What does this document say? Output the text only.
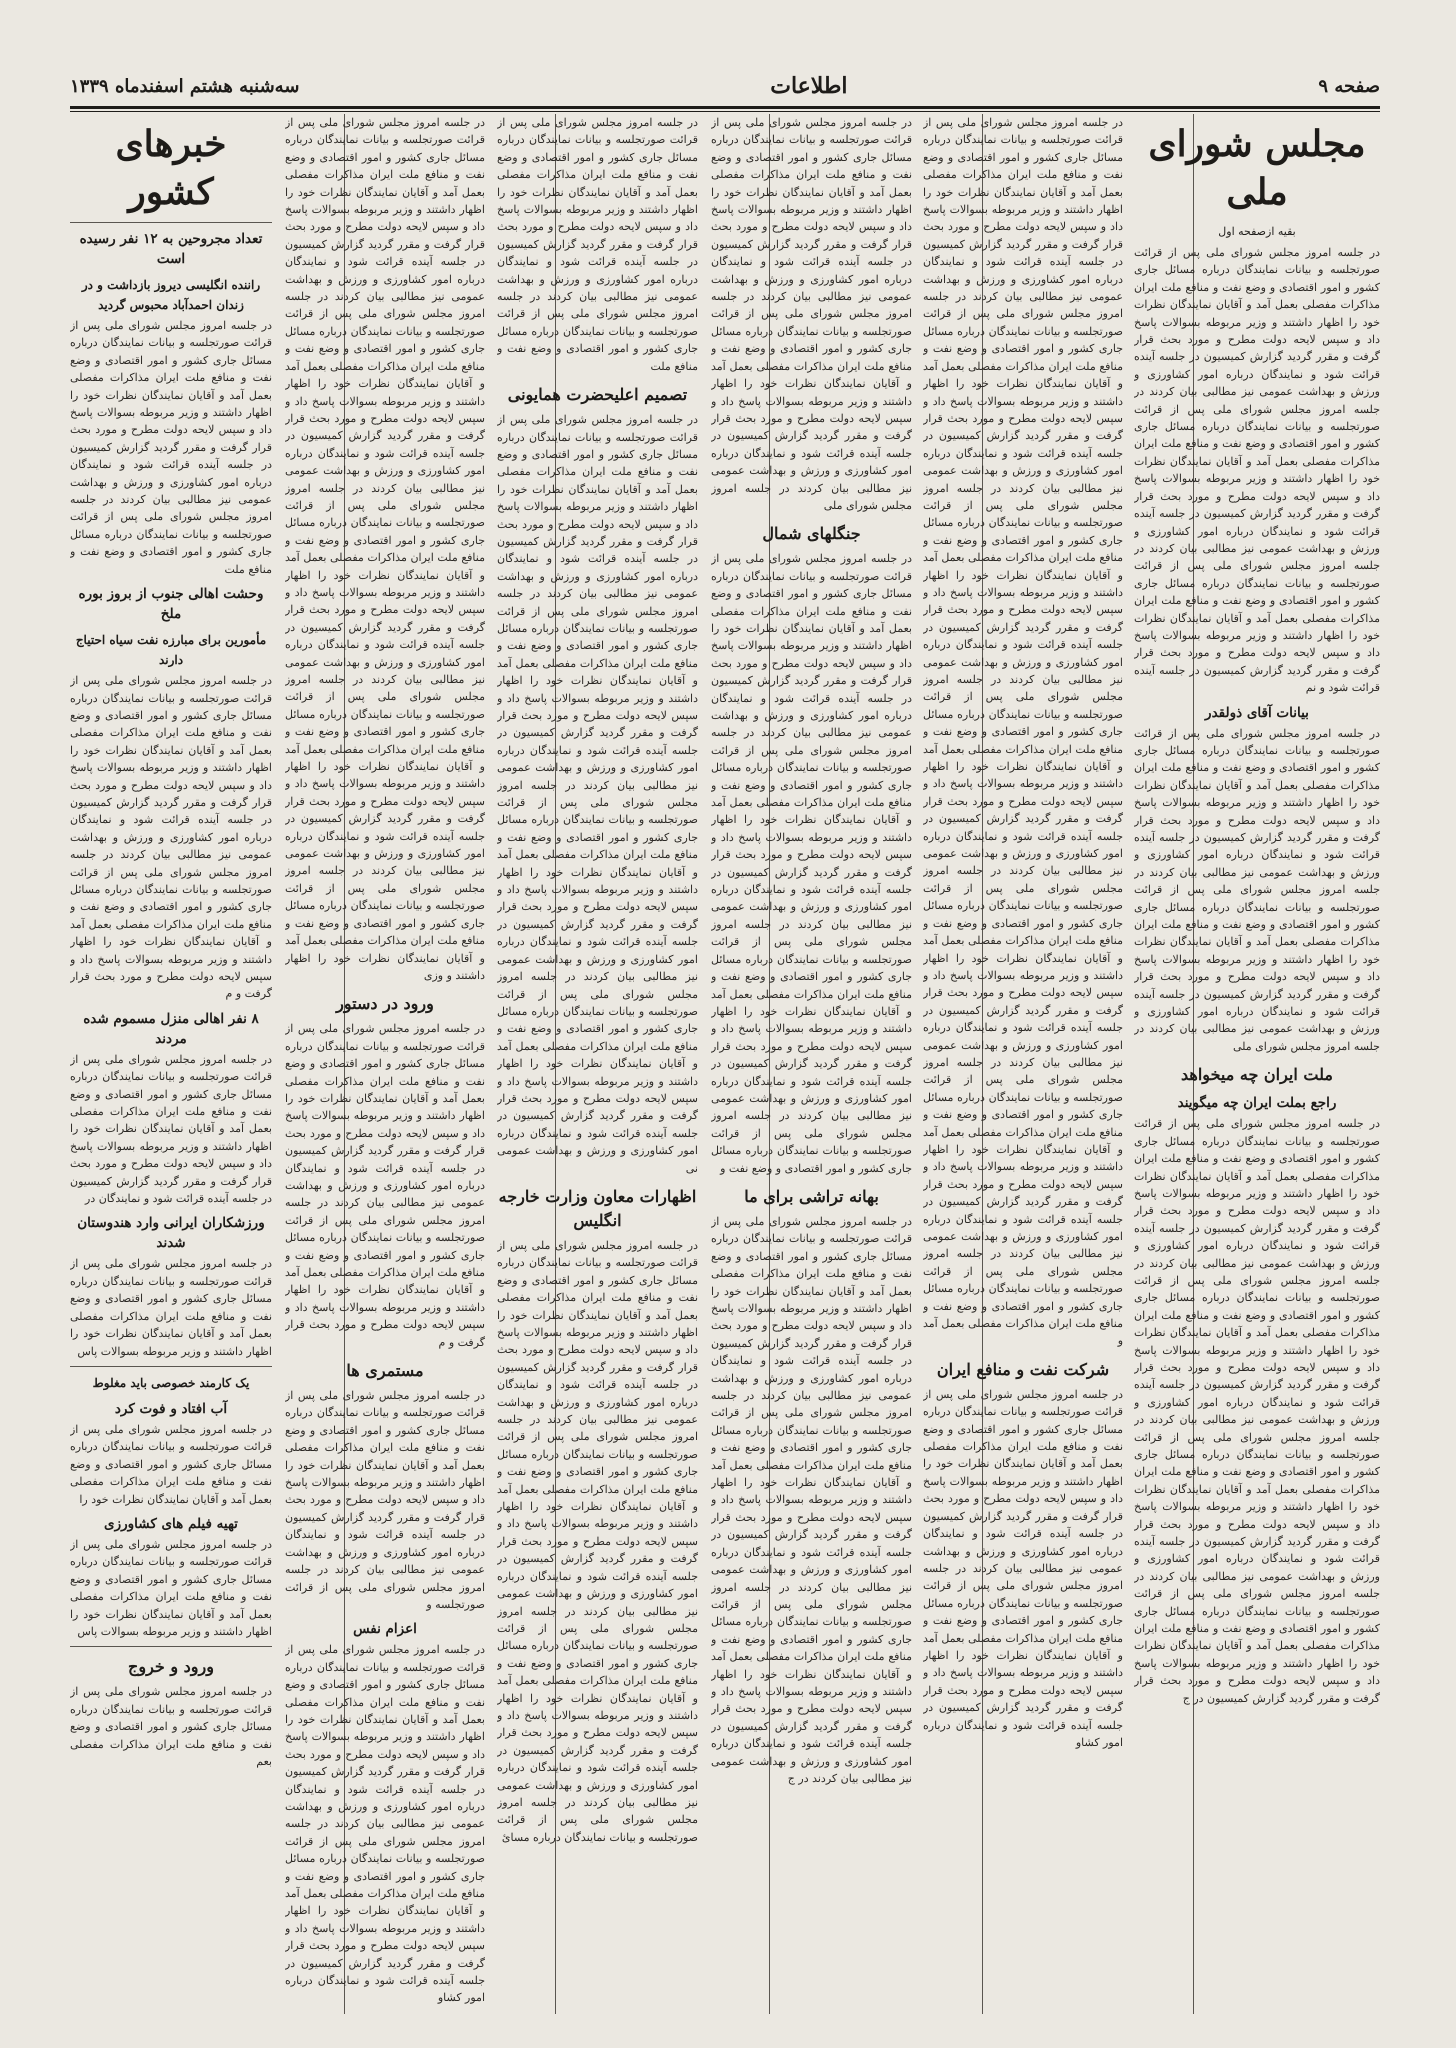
صفحه ۹
اطلاعات
سه‌شنبه هشتم اسفندماه ۱۳۳۹
مجلس شورای ملی
بقیه ازصفحه اول

در جلسه امروز مجلس شورای ملی پس از قرائت صورتجلسه و بیانات نمایندگان درباره مسائل جاری کشور و امور اقتصادی و وضع نفت و منافع ملت ایران مذاکرات مفصلی بعمل آمد و آقایان نمایندگان نظرات خود را اظهار داشتند و وزیر مربوطه بسوالات پاسخ داد و سپس لایحه دولت مطرح و مورد بحث قرار گرفت و مقرر گردید گزارش کمیسیون در جلسه آینده قرائت شود و نمایندگان درباره امور کشاورزی و ورزش و بهداشت عمومی نیز مطالبی بیان کردند در جلسه امروز مجلس شورای ملی پس از قرائت صورتجلسه و بیانات نمایندگان درباره مسائل جاری کشور و امور اقتصادی و وضع نفت و منافع ملت ایران مذاکرات مفصلی بعمل آمد و آقایان نمایندگان نظرات خود را اظهار داشتند و وزیر مربوطه بسوالات پاسخ داد و سپس لایحه دولت مطرح و مورد بحث قرار گرفت و مقرر گردید گزارش کمیسیون در جلسه آینده قرائت شود و نمایندگان درباره امور کشاورزی و ورزش و بهداشت عمومی نیز مطالبی بیان کردند در جلسه امروز مجلس شورای ملی پس از قرائت صورتجلسه و بیانات نمایندگان درباره مسائل جاری کشور و امور اقتصادی و وضع نفت و منافع ملت ایران مذاکرات مفصلی بعمل آمد و آقایان نمایندگان نظرات خود را اظهار داشتند و وزیر مربوطه بسوالات پاسخ داد و سپس لایحه دولت مطرح و مورد بحث قرار گرفت و مقرر گردید گزارش کمیسیون در جلسه آینده قرائت شود و نم

بیانات آقای ذولقدر

در جلسه امروز مجلس شورای ملی پس از قرائت صورتجلسه و بیانات نمایندگان درباره مسائل جاری کشور و امور اقتصادی و وضع نفت و منافع ملت ایران مذاکرات مفصلی بعمل آمد و آقایان نمایندگان نظرات خود را اظهار داشتند و وزیر مربوطه بسوالات پاسخ داد و سپس لایحه دولت مطرح و مورد بحث قرار گرفت و مقرر گردید گزارش کمیسیون در جلسه آینده قرائت شود و نمایندگان درباره امور کشاورزی و ورزش و بهداشت عمومی نیز مطالبی بیان کردند در جلسه امروز مجلس شورای ملی پس از قرائت صورتجلسه و بیانات نمایندگان درباره مسائل جاری کشور و امور اقتصادی و وضع نفت و منافع ملت ایران مذاکرات مفصلی بعمل آمد و آقایان نمایندگان نظرات خود را اظهار داشتند و وزیر مربوطه بسوالات پاسخ داد و سپس لایحه دولت مطرح و مورد بحث قرار گرفت و مقرر گردید گزارش کمیسیون در جلسه آینده قرائت شود و نمایندگان درباره امور کشاورزی و ورزش و بهداشت عمومی نیز مطالبی بیان کردند در جلسه امروز مجلس شورای ملی

ملت ایران چه میخواهد
راجع بملت ایران چه میگویند

در جلسه امروز مجلس شورای ملی پس از قرائت صورتجلسه و بیانات نمایندگان درباره مسائل جاری کشور و امور اقتصادی و وضع نفت و منافع ملت ایران مذاکرات مفصلی بعمل آمد و آقایان نمایندگان نظرات خود را اظهار داشتند و وزیر مربوطه بسوالات پاسخ داد و سپس لایحه دولت مطرح و مورد بحث قرار گرفت و مقرر گردید گزارش کمیسیون در جلسه آینده قرائت شود و نمایندگان درباره امور کشاورزی و ورزش و بهداشت عمومی نیز مطالبی بیان کردند در جلسه امروز مجلس شورای ملی پس از قرائت صورتجلسه و بیانات نمایندگان درباره مسائل جاری کشور و امور اقتصادی و وضع نفت و منافع ملت ایران مذاکرات مفصلی بعمل آمد و آقایان نمایندگان نظرات خود را اظهار داشتند و وزیر مربوطه بسوالات پاسخ داد و سپس لایحه دولت مطرح و مورد بحث قرار گرفت و مقرر گردید گزارش کمیسیون در جلسه آینده قرائت شود و نمایندگان درباره امور کشاورزی و ورزش و بهداشت عمومی نیز مطالبی بیان کردند در جلسه امروز مجلس شورای ملی پس از قرائت صورتجلسه و بیانات نمایندگان درباره مسائل جاری کشور و امور اقتصادی و وضع نفت و منافع ملت ایران مذاکرات مفصلی بعمل آمد و آقایان نمایندگان نظرات خود را اظهار داشتند و وزیر مربوطه بسوالات پاسخ داد و سپس لایحه دولت مطرح و مورد بحث قرار گرفت و مقرر گردید گزارش کمیسیون در جلسه آینده قرائت شود و نمایندگان درباره امور کشاورزی و ورزش و بهداشت عمومی نیز مطالبی بیان کردند در جلسه امروز مجلس شورای ملی پس از قرائت صورتجلسه و بیانات نمایندگان درباره مسائل جاری کشور و امور اقتصادی و وضع نفت و منافع ملت ایران مذاکرات مفصلی بعمل آمد و آقایان نمایندگان نظرات خود را اظهار داشتند و وزیر مربوطه بسوالات پاسخ داد و سپس لایحه دولت مطرح و مورد بحث قرار گرفت و مقرر گردید گزارش کمیسیون در ج

در جلسه امروز مجلس شورای ملی پس از قرائت صورتجلسه و بیانات نمایندگان درباره مسائل جاری کشور و امور اقتصادی و وضع نفت و منافع ملت ایران مذاکرات مفصلی بعمل آمد و آقایان نمایندگان نظرات خود را اظهار داشتند و وزیر مربوطه بسوالات پاسخ داد و سپس لایحه دولت مطرح و مورد بحث قرار گرفت و مقرر گردید گزارش کمیسیون در جلسه آینده قرائت شود و نمایندگان درباره امور کشاورزی و ورزش و بهداشت عمومی نیز مطالبی بیان کردند در جلسه امروز مجلس شورای ملی پس از قرائت صورتجلسه و بیانات نمایندگان درباره مسائل جاری کشور و امور اقتصادی و وضع نفت و منافع ملت ایران مذاکرات مفصلی بعمل آمد و آقایان نمایندگان نظرات خود را اظهار داشتند و وزیر مربوطه بسوالات پاسخ داد و سپس لایحه دولت مطرح و مورد بحث قرار گرفت و مقرر گردید گزارش کمیسیون در جلسه آینده قرائت شود و نمایندگان درباره امور کشاورزی و ورزش و بهداشت عمومی نیز مطالبی بیان کردند در جلسه امروز مجلس شورای ملی پس از قرائت صورتجلسه و بیانات نمایندگان درباره مسائل جاری کشور و امور اقتصادی و وضع نفت و منافع ملت ایران مذاکرات مفصلی بعمل آمد و آقایان نمایندگان نظرات خود را اظهار داشتند و وزیر مربوطه بسوالات پاسخ داد و سپس لایحه دولت مطرح و مورد بحث قرار گرفت و مقرر گردید گزارش کمیسیون در جلسه آینده قرائت شود و نمایندگان درباره امور کشاورزی و ورزش و بهداشت عمومی نیز مطالبی بیان کردند در جلسه امروز مجلس شورای ملی پس از قرائت صورتجلسه و بیانات نمایندگان درباره مسائل جاری کشور و امور اقتصادی و وضع نفت و منافع ملت ایران مذاکرات مفصلی بعمل آمد و آقایان نمایندگان نظرات خود را اظهار داشتند و وزیر مربوطه بسوالات پاسخ داد و سپس لایحه دولت مطرح و مورد بحث قرار گرفت و مقرر گردید گزارش کمیسیون در جلسه آینده قرائت شود و نمایندگان درباره امور کشاورزی و ورزش و بهداشت عمومی نیز مطالبی بیان کردند در جلسه امروز مجلس شورای ملی پس از قرائت صورتجلسه و بیانات نمایندگان درباره مسائل جاری کشور و امور اقتصادی و وضع نفت و منافع ملت ایران مذاکرات مفصلی بعمل آمد و آقایان نمایندگان نظرات خود را اظهار داشتند و وزیر مربوطه بسوالات پاسخ داد و سپس لایحه دولت مطرح و مورد بحث قرار گرفت و مقرر گردید گزارش کمیسیون در جلسه آینده قرائت شود و نمایندگان درباره امور کشاورزی و ورزش و بهداشت عمومی نیز مطالبی بیان کردند در جلسه امروز مجلس شورای ملی پس از قرائت صورتجلسه و بیانات نمایندگان درباره مسائل جاری کشور و امور اقتصادی و وضع نفت و منافع ملت ایران مذاکرات مفصلی بعمل آمد و آقایان نمایندگان نظرات خود را اظهار داشتند و وزیر مربوطه بسوالات پاسخ داد و سپس لایحه دولت مطرح و مورد بحث قرار گرفت و مقرر گردید گزارش کمیسیون در جلسه آینده قرائت شود و نمایندگان درباره امور کشاورزی و ورزش و بهداشت عمومی نیز مطالبی بیان کردند در جلسه امروز مجلس شورای ملی پس از قرائت صورتجلسه و بیانات نمایندگان درباره مسائل جاری کشور و امور اقتصادی و وضع نفت و منافع ملت ایران مذاکرات مفصلی بعمل آمد و

شرکت نفت و منافع ایران

در جلسه امروز مجلس شورای ملی پس از قرائت صورتجلسه و بیانات نمایندگان درباره مسائل جاری کشور و امور اقتصادی و وضع نفت و منافع ملت ایران مذاکرات مفصلی بعمل آمد و آقایان نمایندگان نظرات خود را اظهار داشتند و وزیر مربوطه بسوالات پاسخ داد و سپس لایحه دولت مطرح و مورد بحث قرار گرفت و مقرر گردید گزارش کمیسیون در جلسه آینده قرائت شود و نمایندگان درباره امور کشاورزی و ورزش و بهداشت عمومی نیز مطالبی بیان کردند در جلسه امروز مجلس شورای ملی پس از قرائت صورتجلسه و بیانات نمایندگان درباره مسائل جاری کشور و امور اقتصادی و وضع نفت و منافع ملت ایران مذاکرات مفصلی بعمل آمد و آقایان نمایندگان نظرات خود را اظهار داشتند و وزیر مربوطه بسوالات پاسخ داد و سپس لایحه دولت مطرح و مورد بحث قرار گرفت و مقرر گردید گزارش کمیسیون در جلسه آینده قرائت شود و نمایندگان درباره امور کشاو

در جلسه امروز مجلس شورای ملی پس از قرائت صورتجلسه و بیانات نمایندگان درباره مسائل جاری کشور و امور اقتصادی و وضع نفت و منافع ملت ایران مذاکرات مفصلی بعمل آمد و آقایان نمایندگان نظرات خود را اظهار داشتند و وزیر مربوطه بسوالات پاسخ داد و سپس لایحه دولت مطرح و مورد بحث قرار گرفت و مقرر گردید گزارش کمیسیون در جلسه آینده قرائت شود و نمایندگان درباره امور کشاورزی و ورزش و بهداشت عمومی نیز مطالبی بیان کردند در جلسه امروز مجلس شورای ملی پس از قرائت صورتجلسه و بیانات نمایندگان درباره مسائل جاری کشور و امور اقتصادی و وضع نفت و منافع ملت ایران مذاکرات مفصلی بعمل آمد و آقایان نمایندگان نظرات خود را اظهار داشتند و وزیر مربوطه بسوالات پاسخ داد و سپس لایحه دولت مطرح و مورد بحث قرار گرفت و مقرر گردید گزارش کمیسیون در جلسه آینده قرائت شود و نمایندگان درباره امور کشاورزی و ورزش و بهداشت عمومی نیز مطالبی بیان کردند در جلسه امروز مجلس شورای ملی

جنگلهای شمال

در جلسه امروز مجلس شورای ملی پس از قرائت صورتجلسه و بیانات نمایندگان درباره مسائل جاری کشور و امور اقتصادی و وضع نفت و منافع ملت ایران مذاکرات مفصلی بعمل آمد و آقایان نمایندگان نظرات خود را اظهار داشتند و وزیر مربوطه بسوالات پاسخ داد و سپس لایحه دولت مطرح و مورد بحث قرار گرفت و مقرر گردید گزارش کمیسیون در جلسه آینده قرائت شود و نمایندگان درباره امور کشاورزی و ورزش و بهداشت عمومی نیز مطالبی بیان کردند در جلسه امروز مجلس شورای ملی پس از قرائت صورتجلسه و بیانات نمایندگان درباره مسائل جاری کشور و امور اقتصادی و وضع نفت و منافع ملت ایران مذاکرات مفصلی بعمل آمد و آقایان نمایندگان نظرات خود را اظهار داشتند و وزیر مربوطه بسوالات پاسخ داد و سپس لایحه دولت مطرح و مورد بحث قرار گرفت و مقرر گردید گزارش کمیسیون در جلسه آینده قرائت شود و نمایندگان درباره امور کشاورزی و ورزش و بهداشت عمومی نیز مطالبی بیان کردند در جلسه امروز مجلس شورای ملی پس از قرائت صورتجلسه و بیانات نمایندگان درباره مسائل جاری کشور و امور اقتصادی و وضع نفت و منافع ملت ایران مذاکرات مفصلی بعمل آمد و آقایان نمایندگان نظرات خود را اظهار داشتند و وزیر مربوطه بسوالات پاسخ داد و سپس لایحه دولت مطرح و مورد بحث قرار گرفت و مقرر گردید گزارش کمیسیون در جلسه آینده قرائت شود و نمایندگان درباره امور کشاورزی و ورزش و بهداشت عمومی نیز مطالبی بیان کردند در جلسه امروز مجلس شورای ملی پس از قرائت صورتجلسه و بیانات نمایندگان درباره مسائل جاری کشور و امور اقتصادی و وضع نفت و

بهانه تراشی برای ما

در جلسه امروز مجلس شورای ملی پس از قرائت صورتجلسه و بیانات نمایندگان درباره مسائل جاری کشور و امور اقتصادی و وضع نفت و منافع ملت ایران مذاکرات مفصلی بعمل آمد و آقایان نمایندگان نظرات خود را اظهار داشتند و وزیر مربوطه بسوالات پاسخ داد و سپس لایحه دولت مطرح و مورد بحث قرار گرفت و مقرر گردید گزارش کمیسیون در جلسه آینده قرائت شود و نمایندگان درباره امور کشاورزی و ورزش و بهداشت عمومی نیز مطالبی بیان کردند در جلسه امروز مجلس شورای ملی پس از قرائت صورتجلسه و بیانات نمایندگان درباره مسائل جاری کشور و امور اقتصادی و وضع نفت و منافع ملت ایران مذاکرات مفصلی بعمل آمد و آقایان نمایندگان نظرات خود را اظهار داشتند و وزیر مربوطه بسوالات پاسخ داد و سپس لایحه دولت مطرح و مورد بحث قرار گرفت و مقرر گردید گزارش کمیسیون در جلسه آینده قرائت شود و نمایندگان درباره امور کشاورزی و ورزش و بهداشت عمومی نیز مطالبی بیان کردند در جلسه امروز مجلس شورای ملی پس از قرائت صورتجلسه و بیانات نمایندگان درباره مسائل جاری کشور و امور اقتصادی و وضع نفت و منافع ملت ایران مذاکرات مفصلی بعمل آمد و آقایان نمایندگان نظرات خود را اظهار داشتند و وزیر مربوطه بسوالات پاسخ داد و سپس لایحه دولت مطرح و مورد بحث قرار گرفت و مقرر گردید گزارش کمیسیون در جلسه آینده قرائت شود و نمایندگان درباره امور کشاورزی و ورزش و بهداشت عمومی نیز مطالبی بیان کردند در ج

در جلسه امروز مجلس شورای ملی پس از قرائت صورتجلسه و بیانات نمایندگان درباره مسائل جاری کشور و امور اقتصادی و وضع نفت و منافع ملت ایران مذاکرات مفصلی بعمل آمد و آقایان نمایندگان نظرات خود را اظهار داشتند و وزیر مربوطه بسوالات پاسخ داد و سپس لایحه دولت مطرح و مورد بحث قرار گرفت و مقرر گردید گزارش کمیسیون در جلسه آینده قرائت شود و نمایندگان درباره امور کشاورزی و ورزش و بهداشت عمومی نیز مطالبی بیان کردند در جلسه امروز مجلس شورای ملی پس از قرائت صورتجلسه و بیانات نمایندگان درباره مسائل جاری کشور و امور اقتصادی و وضع نفت و منافع ملت

تصمیم اعلیحضرت همایونی

در جلسه امروز مجلس شورای ملی پس از قرائت صورتجلسه و بیانات نمایندگان درباره مسائل جاری کشور و امور اقتصادی و وضع نفت و منافع ملت ایران مذاکرات مفصلی بعمل آمد و آقایان نمایندگان نظرات خود را اظهار داشتند و وزیر مربوطه بسوالات پاسخ داد و سپس لایحه دولت مطرح و مورد بحث قرار گرفت و مقرر گردید گزارش کمیسیون در جلسه آینده قرائت شود و نمایندگان درباره امور کشاورزی و ورزش و بهداشت عمومی نیز مطالبی بیان کردند در جلسه امروز مجلس شورای ملی پس از قرائت صورتجلسه و بیانات نمایندگان درباره مسائل جاری کشور و امور اقتصادی و وضع نفت و منافع ملت ایران مذاکرات مفصلی بعمل آمد و آقایان نمایندگان نظرات خود را اظهار داشتند و وزیر مربوطه بسوالات پاسخ داد و سپس لایحه دولت مطرح و مورد بحث قرار گرفت و مقرر گردید گزارش کمیسیون در جلسه آینده قرائت شود و نمایندگان درباره امور کشاورزی و ورزش و بهداشت عمومی نیز مطالبی بیان کردند در جلسه امروز مجلس شورای ملی پس از قرائت صورتجلسه و بیانات نمایندگان درباره مسائل جاری کشور و امور اقتصادی و وضع نفت و منافع ملت ایران مذاکرات مفصلی بعمل آمد و آقایان نمایندگان نظرات خود را اظهار داشتند و وزیر مربوطه بسوالات پاسخ داد و سپس لایحه دولت مطرح و مورد بحث قرار گرفت و مقرر گردید گزارش کمیسیون در جلسه آینده قرائت شود و نمایندگان درباره امور کشاورزی و ورزش و بهداشت عمومی نیز مطالبی بیان کردند در جلسه امروز مجلس شورای ملی پس از قرائت صورتجلسه و بیانات نمایندگان درباره مسائل جاری کشور و امور اقتصادی و وضع نفت و منافع ملت ایران مذاکرات مفصلی بعمل آمد و آقایان نمایندگان نظرات خود را اظهار داشتند و وزیر مربوطه بسوالات پاسخ داد و سپس لایحه دولت مطرح و مورد بحث قرار گرفت و مقرر گردید گزارش کمیسیون در جلسه آینده قرائت شود و نمایندگان درباره امور کشاورزی و ورزش و بهداشت عمومی نی

اظهارات معاون وزارت خارجه انگلیس

در جلسه امروز مجلس شورای ملی پس از قرائت صورتجلسه و بیانات نمایندگان درباره مسائل جاری کشور و امور اقتصادی و وضع نفت و منافع ملت ایران مذاکرات مفصلی بعمل آمد و آقایان نمایندگان نظرات خود را اظهار داشتند و وزیر مربوطه بسوالات پاسخ داد و سپس لایحه دولت مطرح و مورد بحث قرار گرفت و مقرر گردید گزارش کمیسیون در جلسه آینده قرائت شود و نمایندگان درباره امور کشاورزی و ورزش و بهداشت عمومی نیز مطالبی بیان کردند در جلسه امروز مجلس شورای ملی پس از قرائت صورتجلسه و بیانات نمایندگان درباره مسائل جاری کشور و امور اقتصادی و وضع نفت و منافع ملت ایران مذاکرات مفصلی بعمل آمد و آقایان نمایندگان نظرات خود را اظهار داشتند و وزیر مربوطه بسوالات پاسخ داد و سپس لایحه دولت مطرح و مورد بحث قرار گرفت و مقرر گردید گزارش کمیسیون در جلسه آینده قرائت شود و نمایندگان درباره امور کشاورزی و ورزش و بهداشت عمومی نیز مطالبی بیان کردند در جلسه امروز مجلس شورای ملی پس از قرائت صورتجلسه و بیانات نمایندگان درباره مسائل جاری کشور و امور اقتصادی و وضع نفت و منافع ملت ایران مذاکرات مفصلی بعمل آمد و آقایان نمایندگان نظرات خود را اظهار داشتند و وزیر مربوطه بسوالات پاسخ داد و سپس لایحه دولت مطرح و مورد بحث قرار گرفت و مقرر گردید گزارش کمیسیون در جلسه آینده قرائت شود و نمایندگان درباره امور کشاورزی و ورزش و بهداشت عمومی نیز مطالبی بیان کردند در جلسه امروز مجلس شورای ملی پس از قرائت صورتجلسه و بیانات نمایندگان درباره مسائ

در جلسه امروز مجلس شورای ملی پس از قرائت صورتجلسه و بیانات نمایندگان درباره مسائل جاری کشور و امور اقتصادی و وضع نفت و منافع ملت ایران مذاکرات مفصلی بعمل آمد و آقایان نمایندگان نظرات خود را اظهار داشتند و وزیر مربوطه بسوالات پاسخ داد و سپس لایحه دولت مطرح و مورد بحث قرار گرفت و مقرر گردید گزارش کمیسیون در جلسه آینده قرائت شود و نمایندگان درباره امور کشاورزی و ورزش و بهداشت عمومی نیز مطالبی بیان کردند در جلسه امروز مجلس شورای ملی پس از قرائت صورتجلسه و بیانات نمایندگان درباره مسائل جاری کشور و امور اقتصادی و وضع نفت و منافع ملت ایران مذاکرات مفصلی بعمل آمد و آقایان نمایندگان نظرات خود را اظهار داشتند و وزیر مربوطه بسوالات پاسخ داد و سپس لایحه دولت مطرح و مورد بحث قرار گرفت و مقرر گردید گزارش کمیسیون در جلسه آینده قرائت شود و نمایندگان درباره امور کشاورزی و ورزش و بهداشت عمومی نیز مطالبی بیان کردند در جلسه امروز مجلس شورای ملی پس از قرائت صورتجلسه و بیانات نمایندگان درباره مسائل جاری کشور و امور اقتصادی و وضع نفت و منافع ملت ایران مذاکرات مفصلی بعمل آمد و آقایان نمایندگان نظرات خود را اظهار داشتند و وزیر مربوطه بسوالات پاسخ داد و سپس لایحه دولت مطرح و مورد بحث قرار گرفت و مقرر گردید گزارش کمیسیون در جلسه آینده قرائت شود و نمایندگان درباره امور کشاورزی و ورزش و بهداشت عمومی نیز مطالبی بیان کردند در جلسه امروز مجلس شورای ملی پس از قرائت صورتجلسه و بیانات نمایندگان درباره مسائل جاری کشور و امور اقتصادی و وضع نفت و منافع ملت ایران مذاکرات مفصلی بعمل آمد و آقایان نمایندگان نظرات خود را اظهار داشتند و وزیر مربوطه بسوالات پاسخ داد و سپس لایحه دولت مطرح و مورد بحث قرار گرفت و مقرر گردید گزارش کمیسیون در جلسه آینده قرائت شود و نمایندگان درباره امور کشاورزی و ورزش و بهداشت عمومی نیز مطالبی بیان کردند در جلسه امروز مجلس شورای ملی پس از قرائت صورتجلسه و بیانات نمایندگان درباره مسائل جاری کشور و امور اقتصادی و وضع نفت و منافع ملت ایران مذاکرات مفصلی بعمل آمد و آقایان نمایندگان نظرات خود را اظهار داشتند و وزی

ورود در دستور

در جلسه امروز مجلس شورای ملی پس از قرائت صورتجلسه و بیانات نمایندگان درباره مسائل جاری کشور و امور اقتصادی و وضع نفت و منافع ملت ایران مذاکرات مفصلی بعمل آمد و آقایان نمایندگان نظرات خود را اظهار داشتند و وزیر مربوطه بسوالات پاسخ داد و سپس لایحه دولت مطرح و مورد بحث قرار گرفت و مقرر گردید گزارش کمیسیون در جلسه آینده قرائت شود و نمایندگان درباره امور کشاورزی و ورزش و بهداشت عمومی نیز مطالبی بیان کردند در جلسه امروز مجلس شورای ملی پس از قرائت صورتجلسه و بیانات نمایندگان درباره مسائل جاری کشور و امور اقتصادی و وضع نفت و منافع ملت ایران مذاکرات مفصلی بعمل آمد و آقایان نمایندگان نظرات خود را اظهار داشتند و وزیر مربوطه بسوالات پاسخ داد و سپس لایحه دولت مطرح و مورد بحث قرار گرفت و م

مستمری ها

در جلسه امروز مجلس شورای ملی پس از قرائت صورتجلسه و بیانات نمایندگان درباره مسائل جاری کشور و امور اقتصادی و وضع نفت و منافع ملت ایران مذاکرات مفصلی بعمل آمد و آقایان نمایندگان نظرات خود را اظهار داشتند و وزیر مربوطه بسوالات پاسخ داد و سپس لایحه دولت مطرح و مورد بحث قرار گرفت و مقرر گردید گزارش کمیسیون در جلسه آینده قرائت شود و نمایندگان درباره امور کشاورزی و ورزش و بهداشت عمومی نیز مطالبی بیان کردند در جلسه امروز مجلس شورای ملی پس از قرائت صورتجلسه و

اعزام نفس

در جلسه امروز مجلس شورای ملی پس از قرائت صورتجلسه و بیانات نمایندگان درباره مسائل جاری کشور و امور اقتصادی و وضع نفت و منافع ملت ایران مذاکرات مفصلی بعمل آمد و آقایان نمایندگان نظرات خود را اظهار داشتند و وزیر مربوطه بسوالات پاسخ داد و سپس لایحه دولت مطرح و مورد بحث قرار گرفت و مقرر گردید گزارش کمیسیون در جلسه آینده قرائت شود و نمایندگان درباره امور کشاورزی و ورزش و بهداشت عمومی نیز مطالبی بیان کردند در جلسه امروز مجلس شورای ملی پس از قرائت صورتجلسه و بیانات نمایندگان درباره مسائل جاری کشور و امور اقتصادی و وضع نفت و منافع ملت ایران مذاکرات مفصلی بعمل آمد و آقایان نمایندگان نظرات خود را اظهار داشتند و وزیر مربوطه بسوالات پاسخ داد و سپس لایحه دولت مطرح و مورد بحث قرار گرفت و مقرر گردید گزارش کمیسیون در جلسه آینده قرائت شود و نمایندگان درباره امور کشاو

خبرهای کشور
تعداد مجروحین به ۱۲ نفر رسیده است
راننده انگلیسی دیروز بازداشت و در زندان احمدآباد محبوس گردید

در جلسه امروز مجلس شورای ملی پس از قرائت صورتجلسه و بیانات نمایندگان درباره مسائل جاری کشور و امور اقتصادی و وضع نفت و منافع ملت ایران مذاکرات مفصلی بعمل آمد و آقایان نمایندگان نظرات خود را اظهار داشتند و وزیر مربوطه بسوالات پاسخ داد و سپس لایحه دولت مطرح و مورد بحث قرار گرفت و مقرر گردید گزارش کمیسیون در جلسه آینده قرائت شود و نمایندگان درباره امور کشاورزی و ورزش و بهداشت عمومی نیز مطالبی بیان کردند در جلسه امروز مجلس شورای ملی پس از قرائت صورتجلسه و بیانات نمایندگان درباره مسائل جاری کشور و امور اقتصادی و وضع نفت و منافع ملت

وحشت اهالی جنوب از بروز بوره ملخ
مأمورین برای مبارزه نفت سیاه احتیاج دارند

در جلسه امروز مجلس شورای ملی پس از قرائت صورتجلسه و بیانات نمایندگان درباره مسائل جاری کشور و امور اقتصادی و وضع نفت و منافع ملت ایران مذاکرات مفصلی بعمل آمد و آقایان نمایندگان نظرات خود را اظهار داشتند و وزیر مربوطه بسوالات پاسخ داد و سپس لایحه دولت مطرح و مورد بحث قرار گرفت و مقرر گردید گزارش کمیسیون در جلسه آینده قرائت شود و نمایندگان درباره امور کشاورزی و ورزش و بهداشت عمومی نیز مطالبی بیان کردند در جلسه امروز مجلس شورای ملی پس از قرائت صورتجلسه و بیانات نمایندگان درباره مسائل جاری کشور و امور اقتصادی و وضع نفت و منافع ملت ایران مذاکرات مفصلی بعمل آمد و آقایان نمایندگان نظرات خود را اظهار داشتند و وزیر مربوطه بسوالات پاسخ داد و سپس لایحه دولت مطرح و مورد بحث قرار گرفت و م

۸ نفر اهالی منزل مسموم شده مردند

در جلسه امروز مجلس شورای ملی پس از قرائت صورتجلسه و بیانات نمایندگان درباره مسائل جاری کشور و امور اقتصادی و وضع نفت و منافع ملت ایران مذاکرات مفصلی بعمل آمد و آقایان نمایندگان نظرات خود را اظهار داشتند و وزیر مربوطه بسوالات پاسخ داد و سپس لایحه دولت مطرح و مورد بحث قرار گرفت و مقرر گردید گزارش کمیسیون در جلسه آینده قرائت شود و نمایندگان در

ورزشکاران ایرانی وارد هندوستان شدند

در جلسه امروز مجلس شورای ملی پس از قرائت صورتجلسه و بیانات نمایندگان درباره مسائل جاری کشور و امور اقتصادی و وضع نفت و منافع ملت ایران مذاکرات مفصلی بعمل آمد و آقایان نمایندگان نظرات خود را اظهار داشتند و وزیر مربوطه بسوالات پاس

یک کارمند خصوصی باید مغلوط
آب افتاد و فوت کرد

در جلسه امروز مجلس شورای ملی پس از قرائت صورتجلسه و بیانات نمایندگان درباره مسائل جاری کشور و امور اقتصادی و وضع نفت و منافع ملت ایران مذاکرات مفصلی بعمل آمد و آقایان نمایندگان نظرات خود را

تهیه فیلم های کشاورزی

در جلسه امروز مجلس شورای ملی پس از قرائت صورتجلسه و بیانات نمایندگان درباره مسائل جاری کشور و امور اقتصادی و وضع نفت و منافع ملت ایران مذاکرات مفصلی بعمل آمد و آقایان نمایندگان نظرات خود را اظهار داشتند و وزیر مربوطه بسوالات پاس

ورود و خروج

در جلسه امروز مجلس شورای ملی پس از قرائت صورتجلسه و بیانات نمایندگان درباره مسائل جاری کشور و امور اقتصادی و وضع نفت و منافع ملت ایران مذاکرات مفصلی بعم
